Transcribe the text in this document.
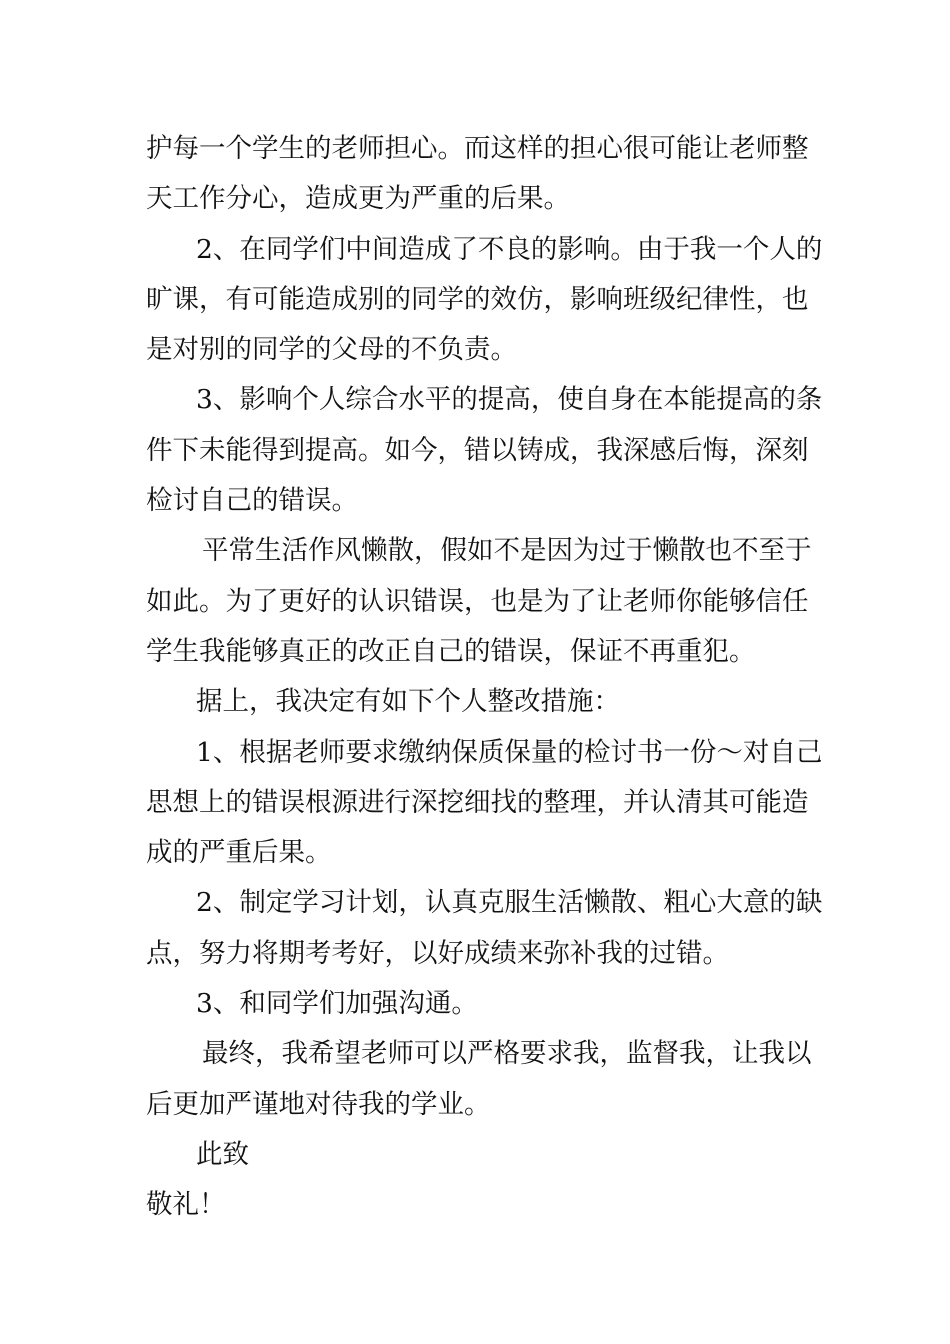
护每一个学生的老师担心。而这样的担心很可能让老师整
天工作分心，造成更为严重的后果。
2、在同学们中间造成了不良的影响。由于我一个人的
旷课，有可能造成别的同学的效仿，影响班级纪律性，也
是对别的同学的父母的不负责。
3、影响个人综合水平的提高，使自身在本能提高的条
件下未能得到提高。如今，错以铸成，我深感后悔，深刻
检讨自己的错误。
平常生活作风懒散，假如不是因为过于懒散也不至于
如此。为了更好的认识错误，也是为了让老师你能够信任
学生我能够真正的改正自己的错误，保证不再重犯。
据上，我决定有如下个人整改措施：
1、根据老师要求缴纳保质保量的检讨书一份～对自己
思想上的错误根源进行深挖细找的整理，并认清其可能造
成的严重后果。
2、制定学习计划，认真克服生活懒散、粗心大意的缺
点，努力将期考考好，以好成绩来弥补我的过错。
3、和同学们加强沟通。
最终，我希望老师可以严格要求我，监督我，让我以
后更加严谨地对待我的学业。
此致
敬礼！
